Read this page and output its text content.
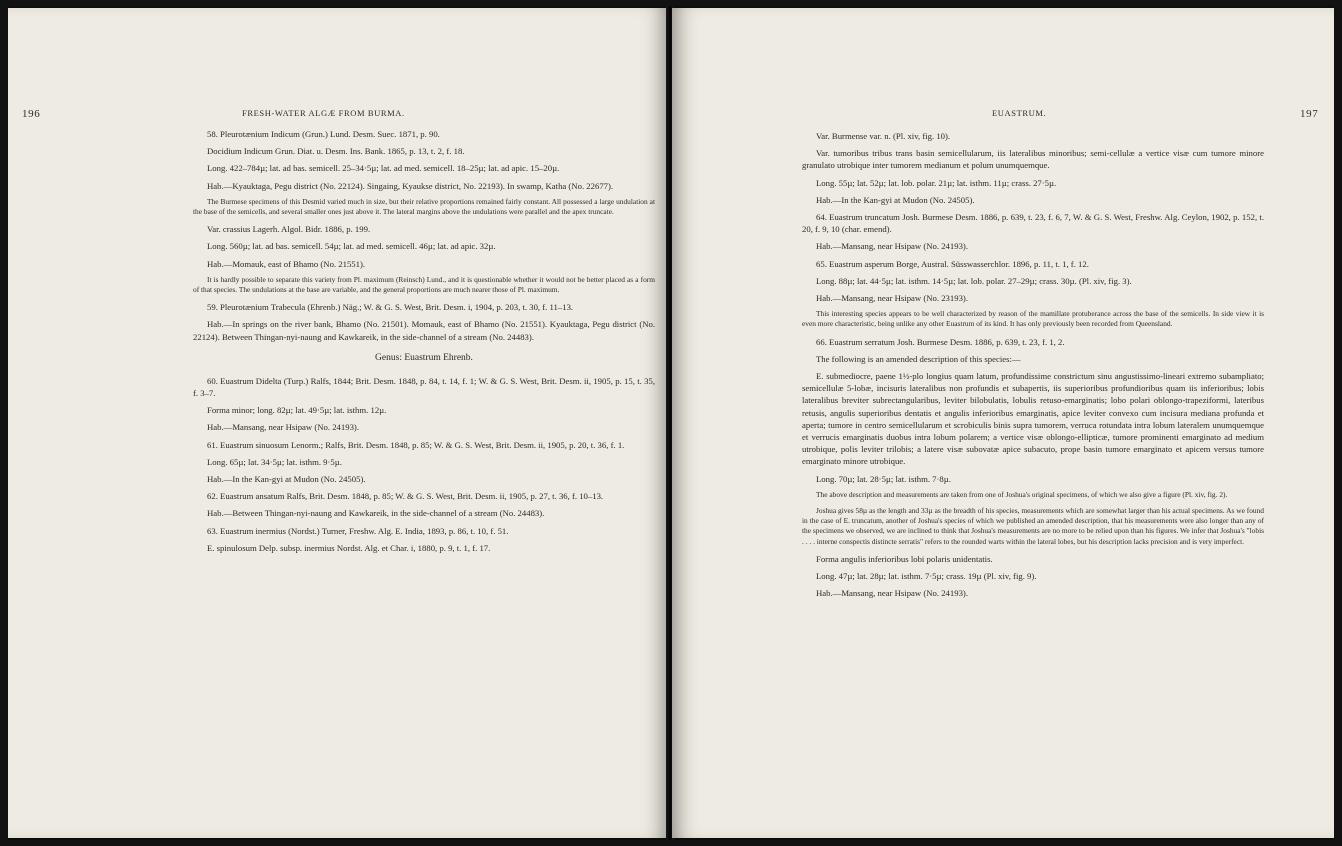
196	FRESH-WATER ALGÆ FROM BURMA.

58. Pleurotænium Indicum (Grun.) Lund. Desm. Suec. 1871, p. 90.

Docidium Indicum Grun. Diat. u. Desm. Ins. Bank. 1865, p. 13, t. 2, f. 18.

Long. 422–784µ; lat. ad bas. semicell. 25–34·5µ; lat. ad med. semicell. 18–25µ; lat. ad apic. 15–20µ.

Hab.—Kyauktaga, Pegu district (No. 22124). Singaing, Kyaukse district, No. 22193). In swamp, Katha (No. 22677).

The Burmese specimens of this Desmid varied much in size, but their relative proportions remained fairly constant. All possessed a large undulation at the base of the semicells, and several smaller ones just above it. The lateral margins above the undulations were parallel and the apex truncate.

Var. crassius Lagerh. Algol. Bidr. 1886, p. 199.

Long. 560µ; lat. ad bas. semicell. 54µ; lat. ad med. semicell. 46µ; lat. ad apic. 32µ.

Hab.—Momauk, east of Bhamo (No. 21551).

It is hardly possible to separate this variety from Pl. maximum (Reinsch) Lund., and it is questionable whether it would not be better placed as a form of that species. The undulations at the base are variable, and the general proportions are much nearer those of Pl. maximum.

59. Pleurotænium Trabecula (Ehrenb.) Näg.; W. & G. S. West, Brit. Desm. i, 1904, p. 203, t. 30, f. 11–13.

Hab.—In springs on the river bank, Bhamo (No. 21501). Momauk, east of Bhamo (No. 21551). Kyauktaga, Pegu district (No. 22124). Between Thingan-nyi-naung and Kawkareik, in the side-channel of a stream (No. 24483).

Genus: Euastrum Ehrenb.

60. Euastrum Didelta (Turp.) Ralfs, 1844; Brit. Desm. 1848, p. 84, t. 14, f. 1; W. & G. S. West, Brit. Desm. ii, 1905, p. 15, t. 35, f. 3–7.

Forma minor; long. 82µ; lat. 49·5µ; lat. isthm. 12µ.

Hab.—Mansang, near Hsipaw (No. 24193).

61. Euastrum sinuosum Lenorm.; Ralfs, Brit. Desm. 1848, p. 85; W. & G. S. West, Brit. Desm. ii, 1905, p. 20, t. 36, f. 1.

Long. 65µ; lat. 34·5µ; lat. isthm. 9·5µ.

Hab.—In the Kan-gyi at Mudon (No. 24505).

62. Euastrum ansatum Ralfs, Brit. Desm. 1848, p. 85; W. & G. S. West, Brit. Desm. ii, 1905, p. 27, t. 36, f. 10–13.

Hab.—Between Thingan-nyi-naung and Kawkareik, in the side-channel of a stream (No. 24483).

63. Euastrum inermius (Nordst.) Turner, Freshw. Alg. E. India, 1893, p. 86, t. 10, f. 51.

E. spinulosum Delp. subsp. inermius Nordst. Alg. et Char. i, 1880, p. 9, t. 1, f. 17.

EUASTRUM.	197

Var. Burmense var. n. (Pl. xiv, fig. 10).

Var. tumoribus tribus trans basin semicellularum, iis lateralibus minoribus; semi-cellulæ a vertice visæ cum tumore minore granulato utrobique inter tumorem medianum et polum unumquemque.

Long. 55µ; lat. 52µ; lat. lob. polar. 21µ; lat. isthm. 11µ; crass. 27·5µ.

Hab.—In the Kan-gyi at Mudon (No. 24505).

64. Euastrum truncatum Josh. Burmese Desm. 1886, p. 639, t. 23, f. 6, 7, W. & G. S. West, Freshw. Alg. Ceylon, 1902, p. 152, t. 20, f. 9, 10 (char. emend).

Hab.—Mansang, near Hsipaw (No. 24193).

65. Euastrum asperum Borge, Austral. Süsswasserchlor. 1896, p. 11, t. 1, f. 12.

Long. 88µ; lat. 44·5µ; lat. isthm. 14·5µ; lat. lob. polar. 27–29µ; crass. 30µ. (Pl. xiv, fig. 3).

Hab.—Mansang, near Hsipaw (No. 23193).

This interesting species appears to be well characterized by reason of the mamillate protuberance across the base of the semicells. In side view it is even more characteristic, being unlike any other Euastrum of its kind. It has only previously been recorded from Queensland.

66. Euastrum serratum Josh. Burmese Desm. 1886, p. 639, t. 23, f. 1, 2.

The following is an amended description of this species:—

E. submediocre, paene 1½-plo longius quam latum, profundissime constrictum sinu angustissimo-lineari extremo subampliato; semicellulæ 5-lobæ, incisuris lateralibus non profundis et subapertis, iis superioribus profundioribus quam iis inferioribus; lobis lateralibus breviter subrectangularibus, leviter bilobulatis, lobulis retuso-emarginatis; lobo polari oblongo-trapeziformi, lateribus retusis, angulis superioribus dentatis et angulis inferioribus emarginatis, apice leviter convexo cum incisura mediana profunda et aperta; tumore in centro semicellularum et scrobiculis binis supra tumorem, verruca rotundata intra lobum lateralem unumquemque et verrucis emarginatis duobus intra lobum polarem; a vertice visæ oblongo-ellipticæ, tumore prominenti emarginato ad medium utrobique, polis leviter trilobis; a latere visæ subovatæ apice subacuto, prope basin tumore emarginato et apicem versus tumore emarginato minore utrobique.

Long. 70µ; lat. 28·5µ; lat. isthm. 7·8µ.

The above description and measurements are taken from one of Joshua's original specimens, of which we also give a figure (Pl. xiv, fig. 2).

Joshua gives 58µ as the length and 33µ as the breadth of his species, measurements which are somewhat larger than his actual specimens. As we found in the case of E. truncatum, another of Joshua's species of which we published an amended description, that his measurements were also longer than any of the specimens we observed, we are inclined to think that Joshua's measurements are no more to be relied upon than his figures. We infer that Joshua's "lobis . . . . interne conspectis distincte serratis" refers to the rounded warts within the lateral lobes, but his description lacks precision and is very imperfect.

Forma angulis inferioribus lobi polaris unidentatis.

Long. 47µ; lat. 28µ; lat. isthm. 7·5µ; crass. 19µ (Pl. xiv, fig. 9).

Hab.—Mansang, near Hsipaw (No. 24193).
